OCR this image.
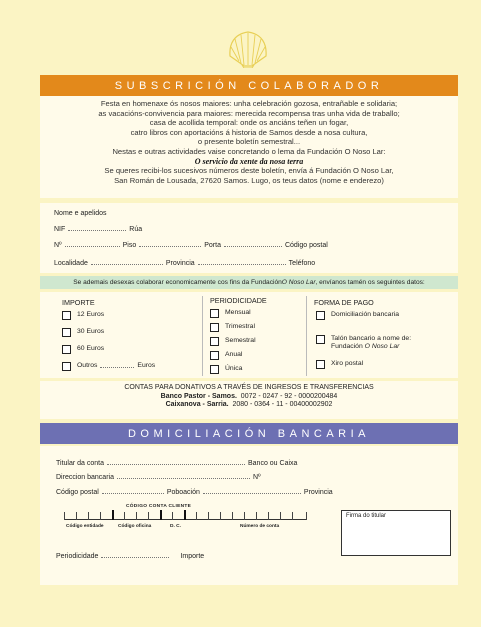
SUBSCRICIÓN COLABORADOR
Festa en homenaxe ós nosos maiores: unha celebración gozosa, entrañable e solidaria;
as vacacións-convivencia para maiores: merecida recompensa tras unha vida de traballo;
casa de acollida temporal: onde os anciáns teñen un fogar,
catro libros con aportacións á historia de Samos desde a nosa cultura,
o presente boletín semestral...
Nestas e outras actividades vaise concretando o lema da Fundación O Noso Lar:
O servicio da xente da nosa terra
Se queres recibi-los sucesivos números deste boletín, envía á Fundación O Noso Lar,
San Román de Lousada, 27620 Samos. Lugo, os teus datos (nome e enderezo)
Nome e apelidos
NIF	Rúa
Nº	Piso	Porta	Código postal
Localidade	Provincia	Teléfono
Se ademais desexas colaborar economicamente cos fins da Fundación O Noso Lar , envíanos tamén os seguintes datos:
IMPORTE
12 Euros
30 Euros
60 Euros
Outros	Euros
PERIODICIDADE
Mensual
Trimestral
Semestral
Anual
Única
FORMA DE PAGO
Domiciliación bancaria
Talón bancario a nome de:
Fundación O Noso Lar
Xiro postal
CONTAS PARA DONATIVOS A TRAVÉS DE INGRESOS E TRANSFERENCIAS
Banco Pastor - Samos. 0072 - 0247 - 92 - 0000200484
Caixanova - Sarria. 2080 - 0364 - 11 - 00400002902
DOMICILIACIÓN BANCARIA
Titular da conta	Banco ou Caixa
Direccion bancaria	Nº
Código postal	Poboación	Provincia
CÓDIGO CONTA CLIENTE
Código entidade	Código oficina	D. C.	Número de conta
Firma do titular
Periodicidade	Importe
